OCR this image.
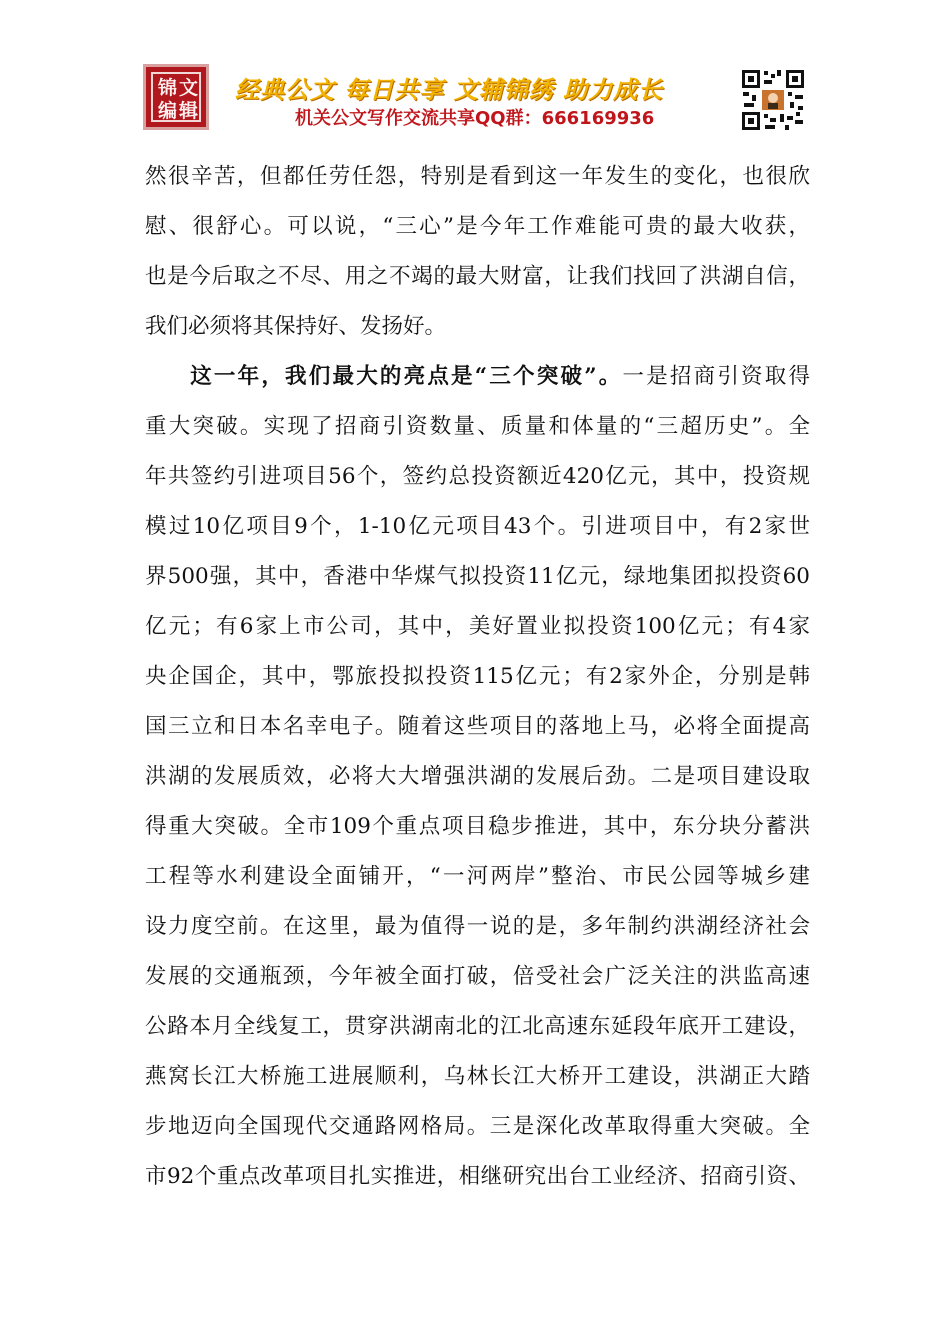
锦 文
编 辑
经典公文 每日共享 文辅锦绣 助力成长
机关公文写作交流共享QQ群：666169936
然很辛苦，但都任劳任怨，特别是看到这一年发生的变化，也很欣
慰、很舒心。可以说，“三心”是今年工作难能可贵的最大收获，
也是今后取之不尽、用之不竭的最大财富，让我们找回了洪湖自信，
我们必须将其保持好、发扬好。
这一年，我们最大的亮点是“三个突破”。一是招商引资取得
重大突破。实现了招商引资数量、质量和体量的“三超历史”。全
年共签约引进项目56个，签约总投资额近420亿元，其中，投资规
模过10亿项目9个，1-10亿元项目43个。引进项目中，有2家世
界500强，其中，香港中华煤气拟投资11亿元，绿地集团拟投资60
亿元；有6家上市公司，其中，美好置业拟投资100亿元；有4家
央企国企，其中，鄂旅投拟投资115亿元；有2家外企，分别是韩
国三立和日本名幸电子。随着这些项目的落地上马，必将全面提高
洪湖的发展质效，必将大大增强洪湖的发展后劲。二是项目建设取
得重大突破。全市109个重点项目稳步推进，其中，东分块分蓄洪
工程等水利建设全面铺开，“一河两岸”整治、市民公园等城乡建
设力度空前。在这里，最为值得一说的是，多年制约洪湖经济社会
发展的交通瓶颈，今年被全面打破，倍受社会广泛关注的洪监高速
公路本月全线复工，贯穿洪湖南北的江北高速东延段年底开工建设，
燕窝长江大桥施工进展顺利，乌林长江大桥开工建设，洪湖正大踏
步地迈向全国现代交通路网格局。三是深化改革取得重大突破。全
市92个重点改革项目扎实推进，相继研究出台工业经济、招商引资、
